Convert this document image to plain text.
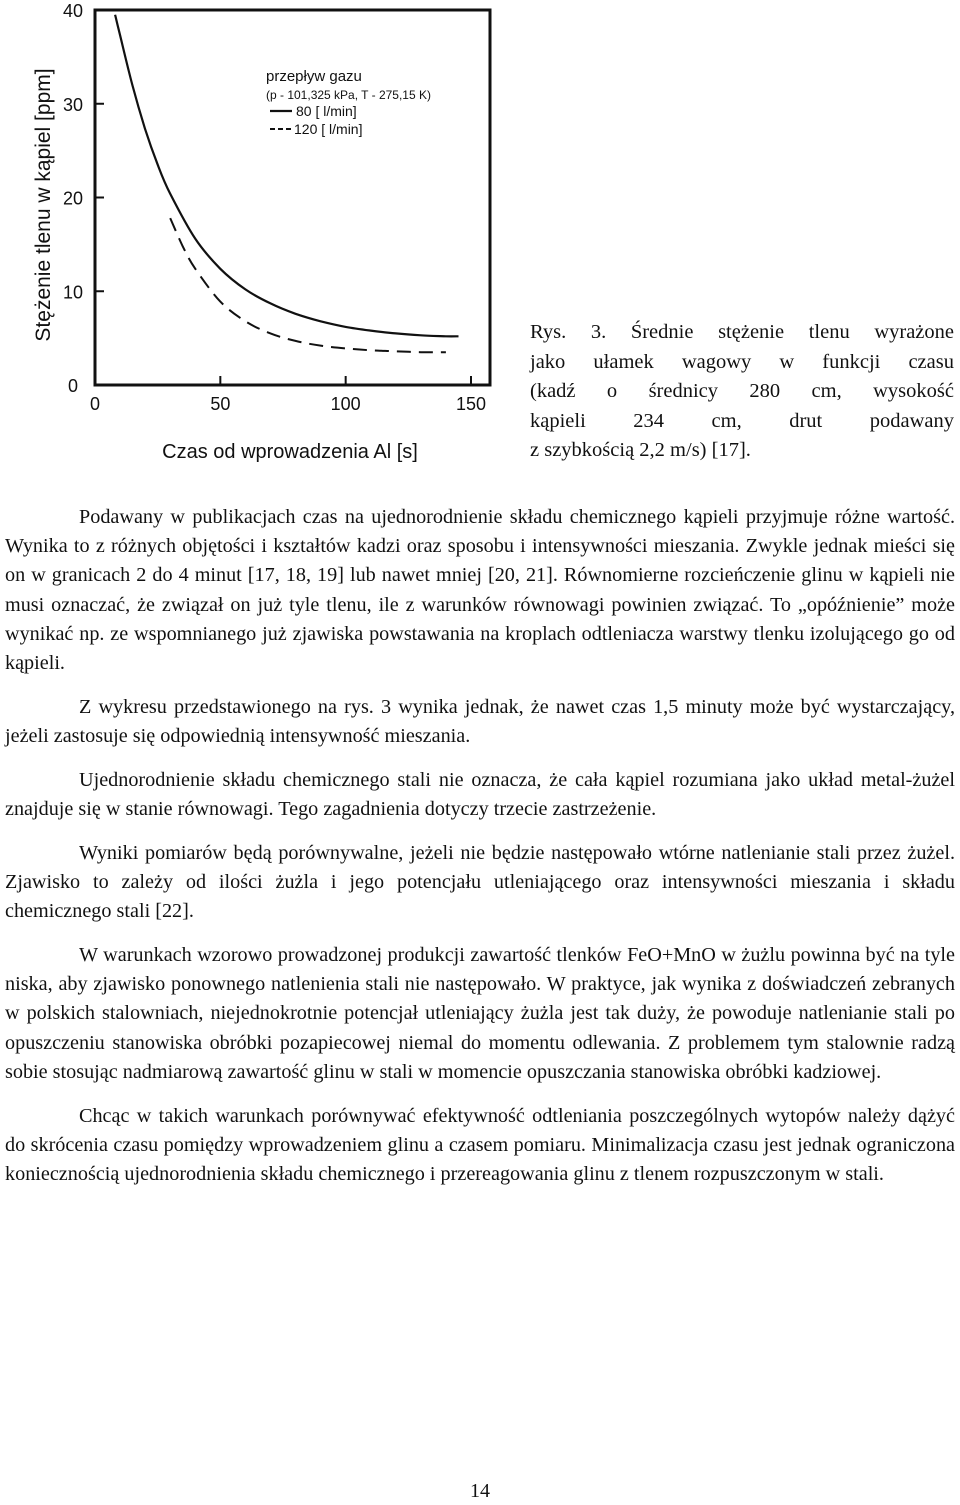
0
10
20
30
40
0	50	100	150
Stężenie tlenu w kąpiel [ppm]
Czas od wprowadzenia Al [s]
przepływ gazu
(p - 101,325 kPa, T - 275,15 K)
80 [ l/min]
120 [ l/min]
Rys. 3. Średnie stężenie tlenu wyrażone
jako ułamek wagowy w funkcji czasu
(kadź o średnicy 280 cm, wysokość
kąpieli 234 cm, drut podawany
z szybkością 2,2 m/s) [17].

Podawany w publikacjach czas na ujednorodnienie składu chemicznego kąpieli przyjmuje różne wartość. Wynika to z różnych objętości i kształtów kadzi oraz sposobu i intensywności mieszania. Zwykle jednak mieści się on w granicach 2 do 4 minut [17, 18, 19] lub nawet mniej [20, 21]. Równomierne rozcieńczenie glinu w kąpieli nie musi oznaczać, że związał on już tyle tlenu, ile z warunków równowagi powinien związać. To „opóźnienie” może wynikać np. ze wspomnianego już zjawiska powstawania na kroplach odtleniacza warstwy tlenku izolującego go od kąpieli.

Z wykresu przedstawionego na rys. 3 wynika jednak, że nawet czas 1,5 minuty może być wystarczający, jeżeli zastosuje się odpowiednią intensywność mieszania.

Ujednorodnienie składu chemicznego stali nie oznacza, że cała kąpiel rozumiana jako układ metal-żużel znajduje się w stanie równowagi. Tego zagadnienia dotyczy trzecie zastrzeżenie.

Wyniki pomiarów będą porównywalne, jeżeli nie będzie następowało wtórne natlenianie stali przez żużel. Zjawisko to zależy od ilości żużla i jego potencjału utleniającego oraz intensywności mieszania i składu chemicznego stali [22].

W warunkach wzorowo prowadzonej produkcji zawartość tlenków FeO+MnO w żużlu powinna być na tyle niska, aby zjawisko ponownego natlenienia stali nie następowało. W praktyce, jak wynika z doświadczeń zebranych w polskich stalowniach, niejednokrotnie potencjał utleniający żużla jest tak duży, że powoduje natlenianie stali po opuszczeniu stanowiska obróbki pozapiecowej niemal do momentu odlewania. Z problemem tym stalownie radzą sobie stosując nadmiarową zawartość glinu w stali w momencie opuszczania stanowiska obróbki kadziowej.

Chcąc w takich warunkach porównywać efektywność odtleniania poszczególnych wytopów należy dążyć do skrócenia czasu pomiędzy wprowadzeniem glinu a czasem pomiaru. Minimalizacja czasu jest jednak ograniczona koniecznością ujednorodnienia składu chemicznego i przereagowania glinu z tlenem rozpuszczonym w stali.

14
